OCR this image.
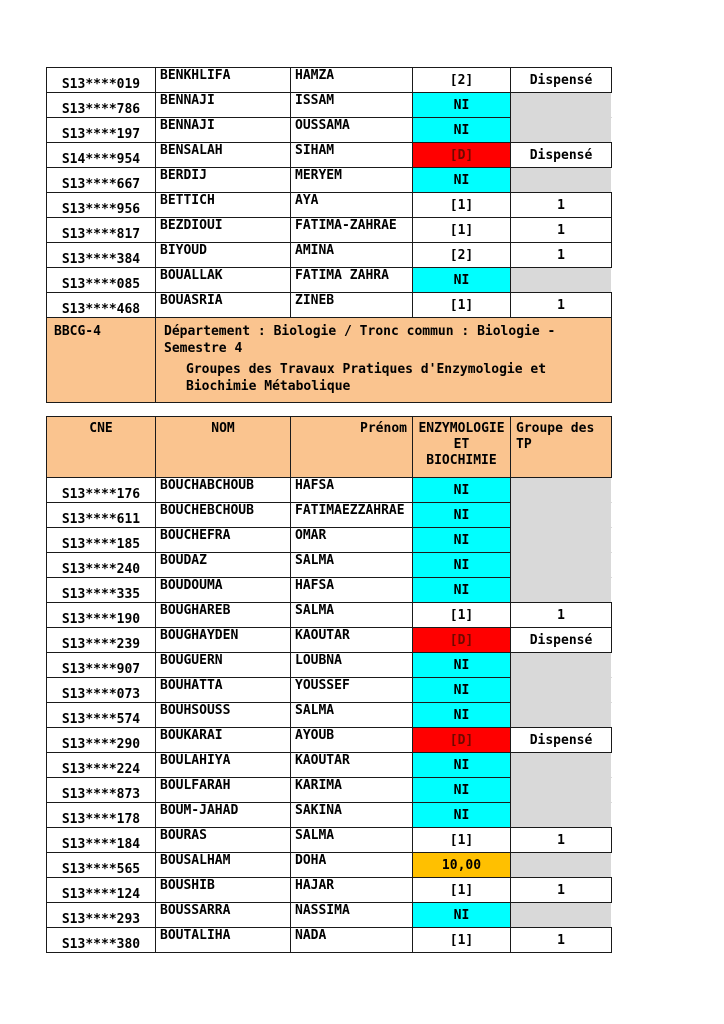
S13****019	BENKHLIFA	HAMZA	[2]	Dispensé
S13****786	BENNAJI	ISSAM	NI	
S13****197	BENNAJI	OUSSAMA	NI	
S14****954	BENSALAH	SIHAM	[D]	Dispensé
S13****667	BERDIJ	MERYEM	NI	
S13****956	BETTICH	AYA	[1]	1
S13****817	BEZDIOUI	FATIMA-ZAHRAE	[1]	1
S13****384	BIYOUD	AMINA	[2]	1
S13****085	BOUALLAK	FATIMA ZAHRA	NI	
S13****468	BOUASRIA	ZINEB	[1]	1
BBCG-4	Département : Biologie / Tronc commun : Biologie - Semestre 4
Groupes des Travaux Pratiques d'Enzymologie et Biochimie Métabolique			
CNE	NOM	Prénom	ENZYMOLOGIE ET BIOCHIMIE	Groupe des TP
S13****176	BOUCHABCHOUB	HAFSA	NI	
S13****611	BOUCHEBCHOUB	FATIMAEZZAHRAE	NI	
S13****185	BOUCHEFRA	OMAR	NI	
S13****240	BOUDAZ	SALMA	NI	
S13****335	BOUDOUMA	HAFSA	NI	
S13****190	BOUGHAREB	SALMA	[1]	1
S13****239	BOUGHAYDEN	KAOUTAR	[D]	Dispensé
S13****907	BOUGUERN	LOUBNA	NI	
S13****073	BOUHATTA	YOUSSEF	NI	
S13****574	BOUHSOUSS	SALMA	NI	
S13****290	BOUKARAI	AYOUB	[D]	Dispensé
S13****224	BOULAHIYA	KAOUTAR	NI	
S13****873	BOULFARAH	KARIMA	NI	
S13****178	BOUM-JAHAD	SAKINA	NI	
S13****184	BOURAS	SALMA	[1]	1
S13****565	BOUSALHAM	DOHA	10,00	
S13****124	BOUSHIB	HAJAR	[1]	1
S13****293	BOUSSARRA	NASSIMA	NI	
S13****380	BOUTALIHA	NADA	[1]	1
